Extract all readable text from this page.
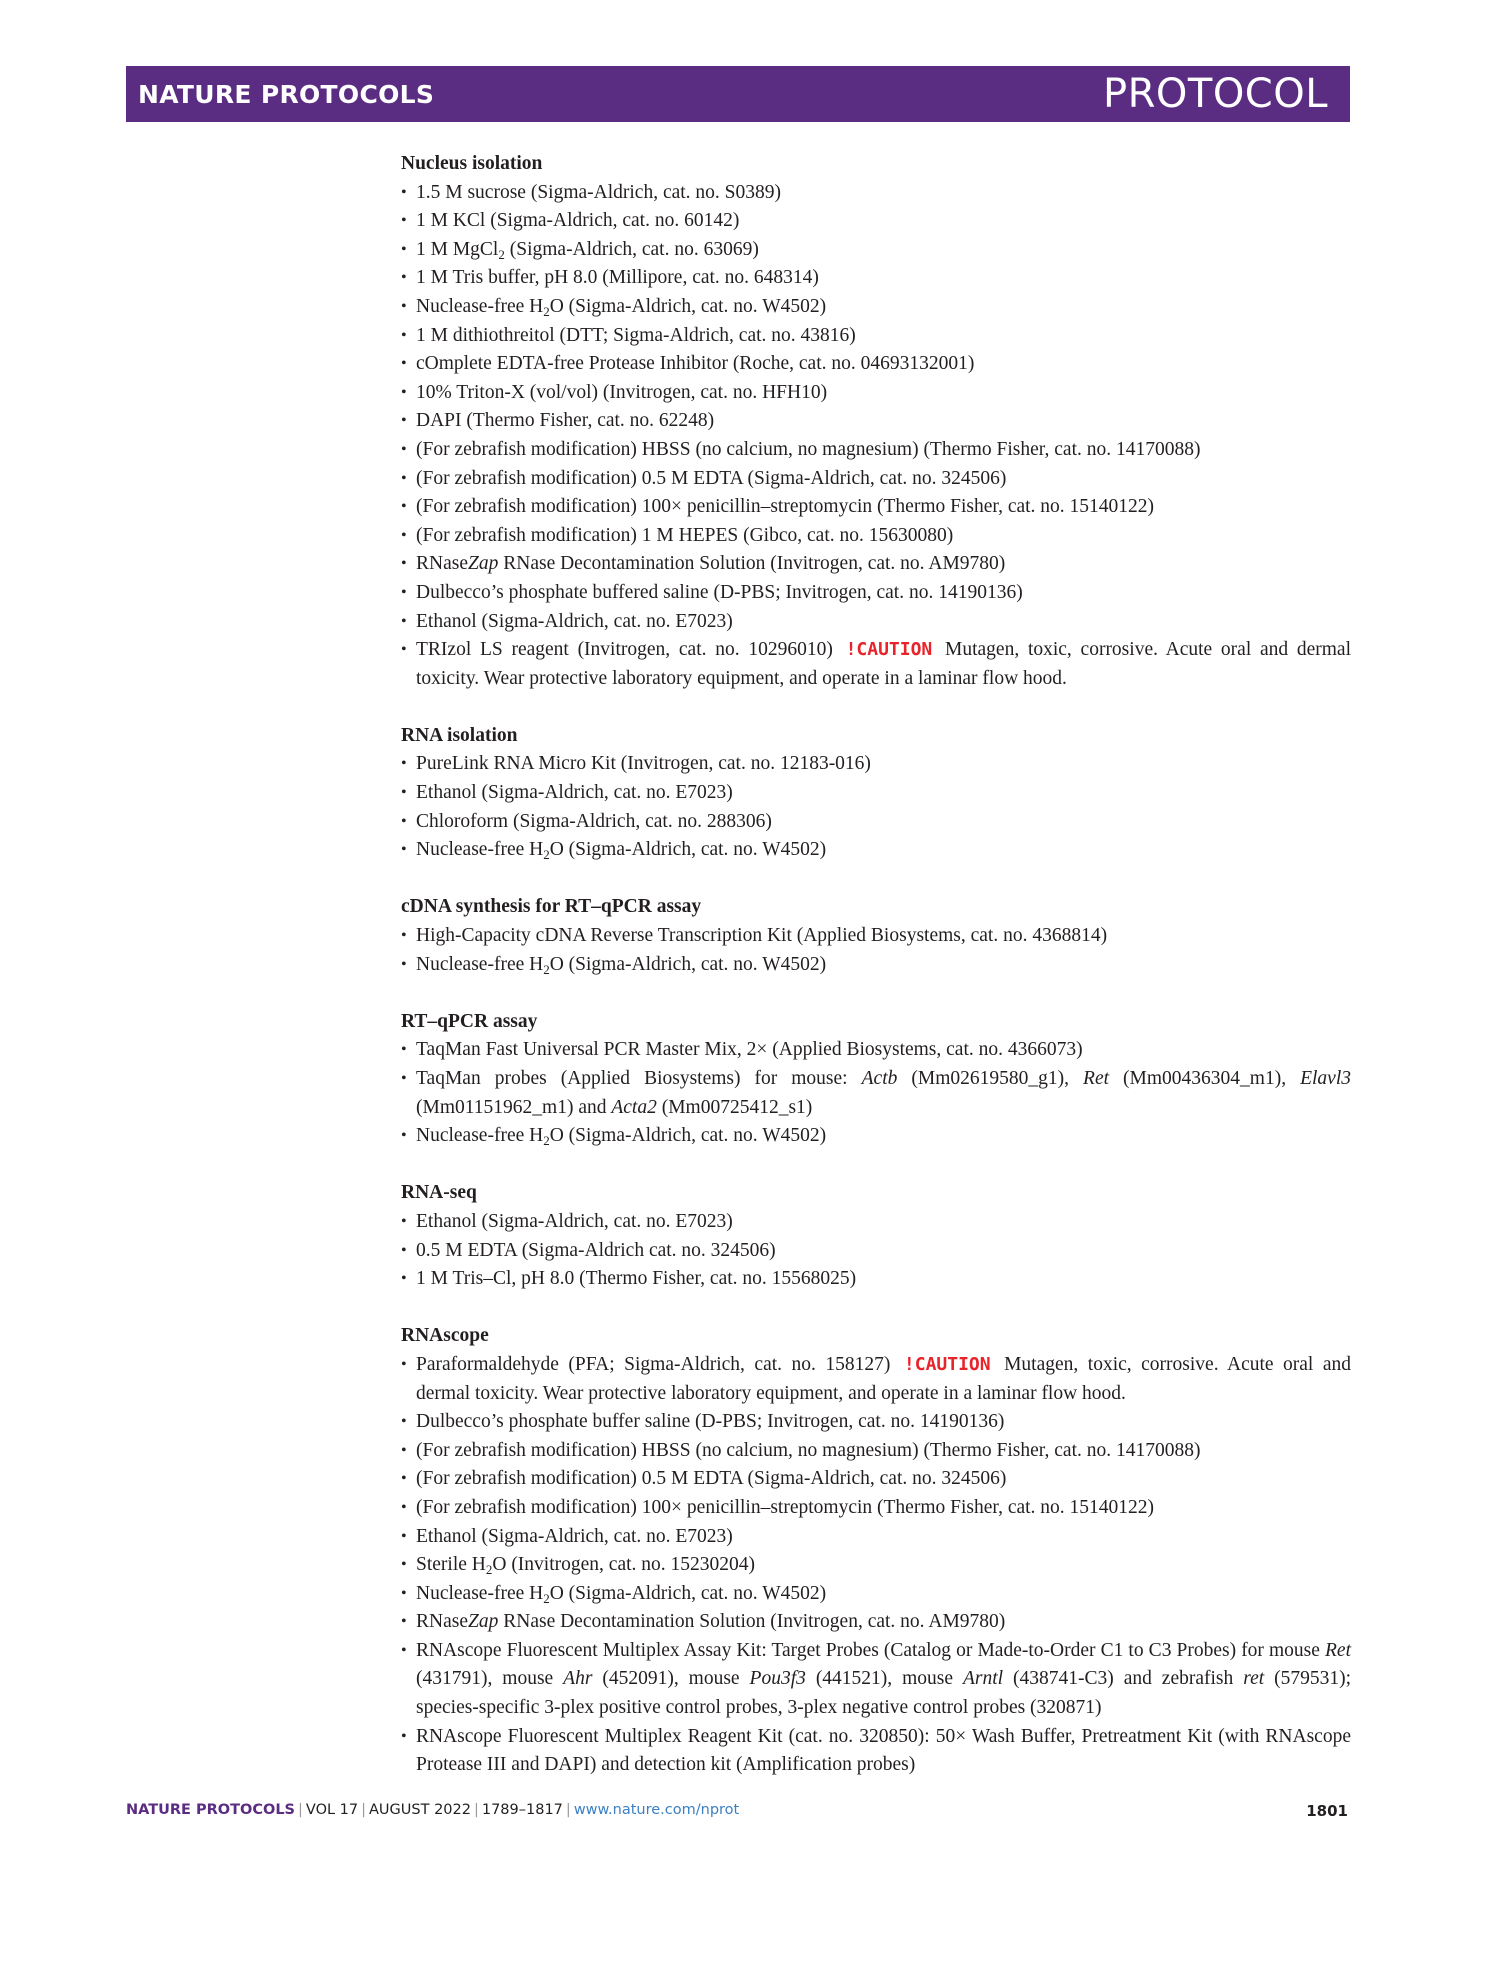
NATURE PROTOCOLS	PROTOCOL
Nucleus isolation
• 1.5 M sucrose (Sigma-Aldrich, cat. no. S0389)
• 1 M KCl (Sigma-Aldrich, cat. no. 60142)
• 1 M MgCl$_2$ (Sigma-Aldrich, cat. no. 63069)
• 1 M Tris buffer, pH 8.0 (Millipore, cat. no. 648314)
• Nuclease-free $H_2O$ (Sigma-Aldrich, cat. no. W4502)
• 1 M dithiothreitol (DTT; Sigma-Aldrich, cat. no. 43816)
• cOmplete EDTA-free Protease Inhibitor (Roche, cat. no. 04693132001)
• 10% Triton-X (vol/vol) (Invitrogen, cat. no. HFH10)
• DAPI (Thermo Fisher, cat. no. 62248)
• (For zebrafish modification) HBSS (no calcium, no magnesium) (Thermo Fisher, cat. no. 14170088)
• (For zebrafish modification) 0.5 M EDTA (Sigma-Aldrich, cat. no. 324506)
• (For zebrafish modification) 100× penicillin–streptomycin (Thermo Fisher, cat. no. 15140122)
• (For zebrafish modification) 1 M HEPES (Gibco, cat. no. 15630080)
• RNaseZap RNase Decontamination Solution (Invitrogen, cat. no. AM9780)
• Dulbecco’s phosphate buffered saline (D-PBS; Invitrogen, cat. no. 14190136)
• Ethanol (Sigma-Aldrich, cat. no. E7023)
• TRIzol LS reagent (Invitrogen, cat. no. 10296010) !CAUTION Mutagen, toxic, corrosive. Acute oral and dermal toxicity. Wear protective laboratory equipment, and operate in a laminar flow hood.
RNA isolation
• PureLink RNA Micro Kit (Invitrogen, cat. no. 12183-016)
• Ethanol (Sigma-Aldrich, cat. no. E7023)
• Chloroform (Sigma-Aldrich, cat. no. 288306)
• Nuclease-free $H_2O$ (Sigma-Aldrich, cat. no. W4502)
cDNA synthesis for RT–qPCR assay
• High-Capacity cDNA Reverse Transcription Kit (Applied Biosystems, cat. no. 4368814)
• Nuclease-free $H_2O$ (Sigma-Aldrich, cat. no. W4502)
RT–qPCR assay
• TaqMan Fast Universal PCR Master Mix, 2× (Applied Biosystems, cat. no. 4366073)
• TaqMan probes (Applied Biosystems) for mouse: Actb (Mm02619580_g1), Ret (Mm00436304_m1), Elavl3 (Mm01151962_m1) and Acta2 (Mm00725412_s1)
• Nuclease-free $H_2O$ (Sigma-Aldrich, cat. no. W4502)
RNA-seq
• Ethanol (Sigma-Aldrich, cat. no. E7023)
• 0.5 M EDTA (Sigma-Aldrich cat. no. 324506)
• 1 M Tris–Cl, pH 8.0 (Thermo Fisher, cat. no. 15568025)
RNAscope
• Paraformaldehyde (PFA; Sigma-Aldrich, cat. no. 158127) !CAUTION Mutagen, toxic, corrosive. Acute oral and dermal toxicity. Wear protective laboratory equipment, and operate in a laminar flow hood.
• Dulbecco’s phosphate buffer saline (D-PBS; Invitrogen, cat. no. 14190136)
• (For zebrafish modification) HBSS (no calcium, no magnesium) (Thermo Fisher, cat. no. 14170088)
• (For zebrafish modification) 0.5 M EDTA (Sigma-Aldrich, cat. no. 324506)
• (For zebrafish modification) 100× penicillin–streptomycin (Thermo Fisher, cat. no. 15140122)
• Ethanol (Sigma-Aldrich, cat. no. E7023)
• Sterile $H_2O$ (Invitrogen, cat. no. 15230204)
• Nuclease-free $H_2O$ (Sigma-Aldrich, cat. no. W4502)
• RNaseZap RNase Decontamination Solution (Invitrogen, cat. no. AM9780)
• RNAscope Fluorescent Multiplex Assay Kit: Target Probes (Catalog or Made-to-Order C1 to C3 Probes) for mouse Ret (431791), mouse Ahr (452091), mouse Pou3f3 (441521), mouse Arntl (438741-C3) and zebrafish ret (579531); species-specific 3-plex positive control probes, 3-plex negative control probes (320871)
• RNAscope Fluorescent Multiplex Reagent Kit (cat. no. 320850): 50× Wash Buffer, Pretreatment Kit (with RNAscope Protease III and DAPI) and detection kit (Amplification probes)
NATURE PROTOCOLS | VOL 17 | AUGUST 2022 | 1789–1817 | www.nature.com/nprot	1801
